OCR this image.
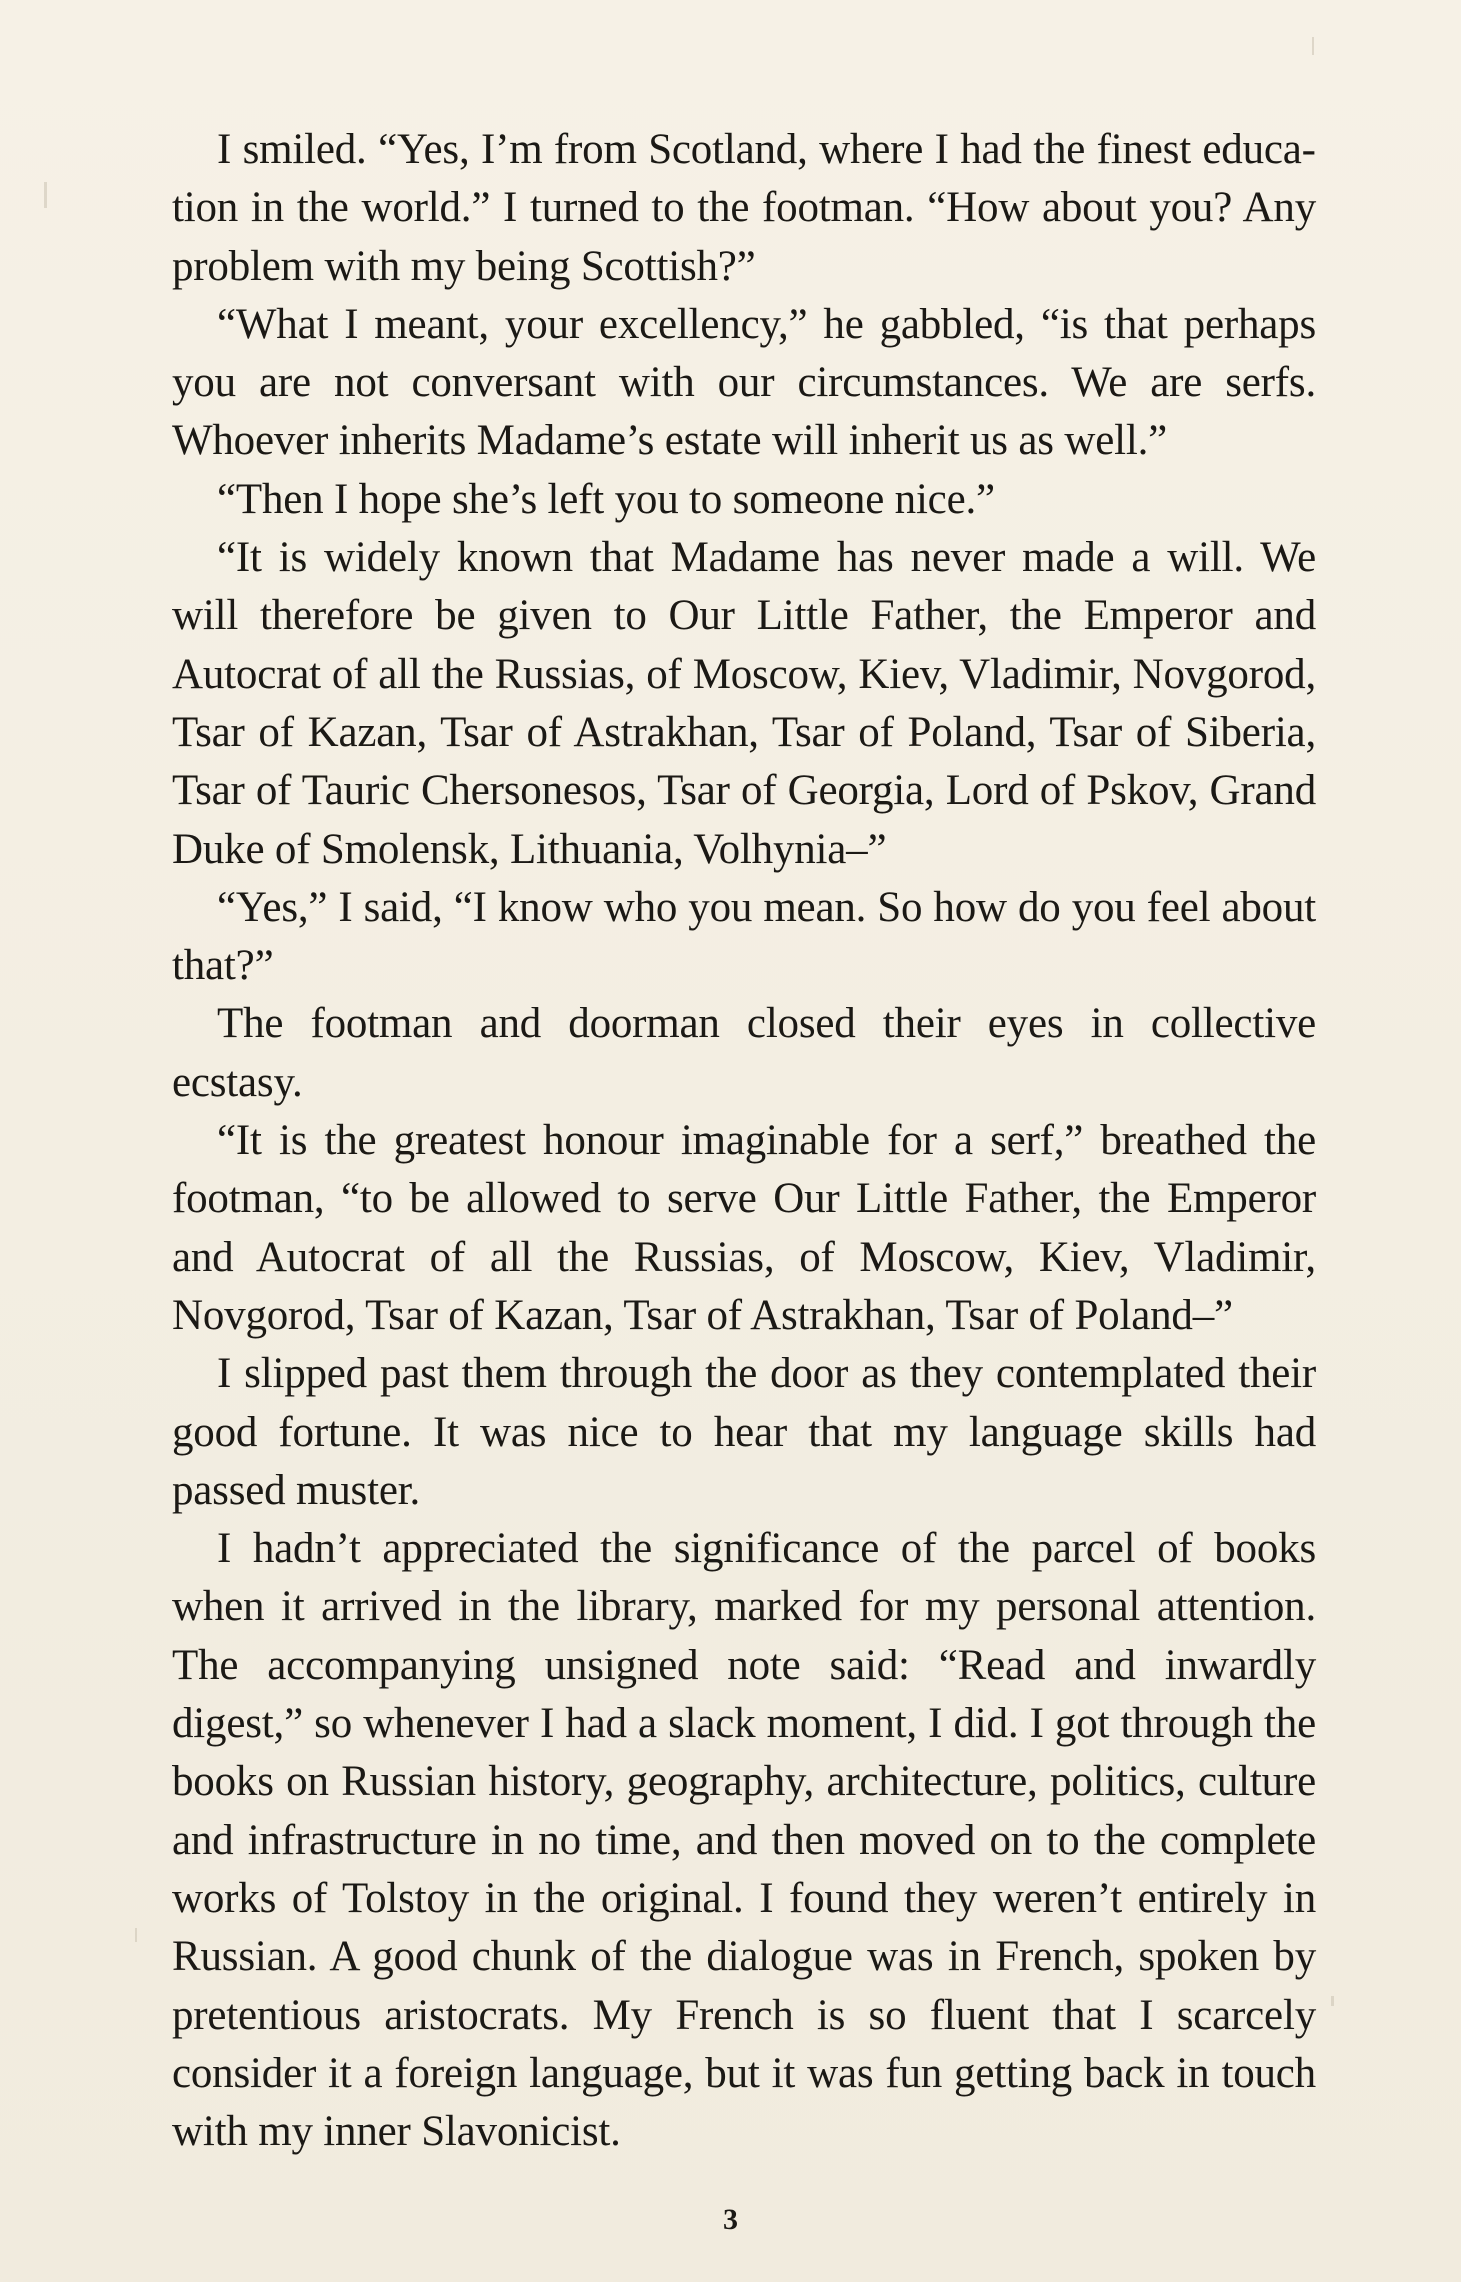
I smiled. “Yes, I’m from Scotland, where I had the finest education in the world.” I turned to the footman. “How about you? Any problem with my being Scottish?”

“What I meant, your excellency,” he gabbled, “is that perhaps you are not conversant with our circumstances. We are serfs. Whoever inherits Madame’s estate will inherit us as well.”

“Then I hope she’s left you to someone nice.”

“It is widely known that Madame has never made a will. We will therefore be given to Our Little Father, the Emperor and Autocrat of all the Russias, of Moscow, Kiev, Vladimir, Novgorod, Tsar of Kazan, Tsar of Astrakhan, Tsar of Poland, Tsar of Siberia, Tsar of Tauric Chersonesos, Tsar of Georgia, Lord of Pskov, Grand Duke of Smolensk, Lithuania, Volhynia–”

“Yes,” I said, “I know who you mean. So how do you feel about that?”

The footman and doorman closed their eyes in collective ecstasy.

“It is the greatest honour imaginable for a serf,” breathed the footman, “to be allowed to serve Our Little Father, the Emperor and Autocrat of all the Russias, of Moscow, Kiev, Vladimir, Novgorod, Tsar of Kazan, Tsar of Astrakhan, Tsar of Poland–”

I slipped past them through the door as they contemplated their good fortune. It was nice to hear that my language skills had passed muster.

I hadn’t appreciated the significance of the parcel of books when it arrived in the library, marked for my personal attention. The accompanying unsigned note said: “Read and inwardly digest,” so whenever I had a slack moment, I did. I got through the books on Russian history, geography, architecture, politics, culture and infrastructure in no time, and then moved on to the complete works of Tolstoy in the original. I found they weren’t entirely in Russian. A good chunk of the dialogue was in French, spoken by pretentious aristocrats. My French is so fluent that I scarcely consider it a foreign language, but it was fun getting back in touch with my inner Slavonicist.

3
